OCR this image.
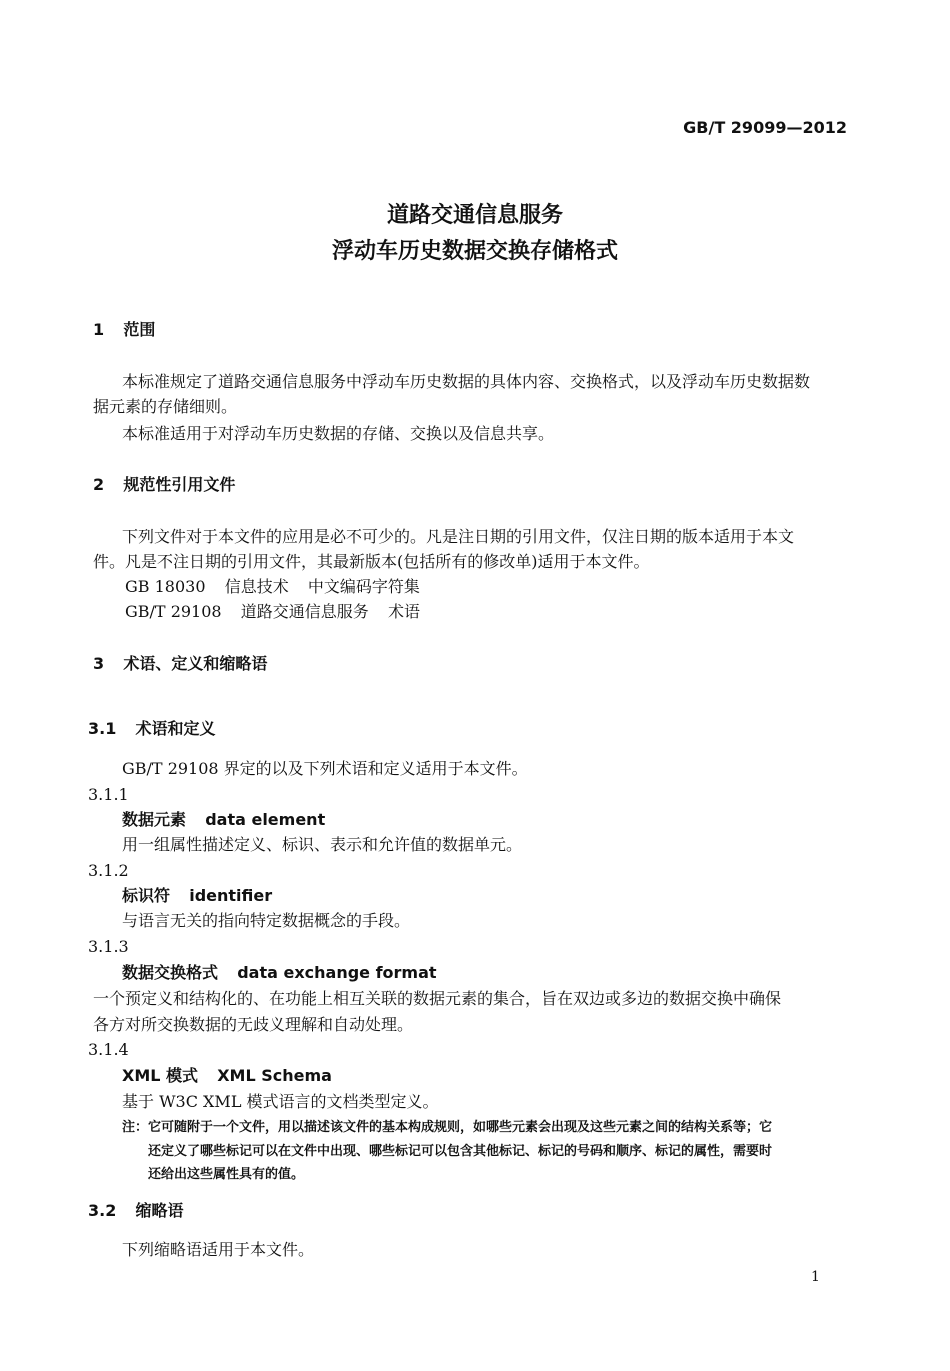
GB/T 29099—2012
道路交通信息服务
浮动车历史数据交换存储格式
1 范围
本标准规定了道路交通信息服务中浮动车历史数据的具体内容、交换格式，以及浮动车历史数据数
据元素的存储细则。
本标准适用于对浮动车历史数据的存储、交换以及信息共享。
2 规范性引用文件
下列文件对于本文件的应用是必不可少的。凡是注日期的引用文件，仅注日期的版本适用于本文
件。凡是不注日期的引用文件，其最新版本(包括所有的修改单)适用于本文件。
GB 18030 信息技术 中文编码字符集
GB/T 29108 道路交通信息服务 术语
3 术语、定义和缩略语
3.1 术语和定义
GB/T 29108 界定的以及下列术语和定义适用于本文件。
3.1.1
数据元素 data element
用一组属性描述定义、标识、表示和允许值的数据单元。
3.1.2
标识符 identifier
与语言无关的指向特定数据概念的手段。
3.1.3
数据交换格式 data exchange format
一个预定义和结构化的、在功能上相互关联的数据元素的集合，旨在双边或多边的数据交换中确保
各方对所交换数据的无歧义理解和自动处理。
3.1.4
XML 模式 XML Schema
基于 W3C XML 模式语言的文档类型定义。
注：它可随附于一个文件，用以描述该文件的基本构成规则，如哪些元素会出现及这些元素之间的结构关系等；它
还定义了哪些标记可以在文件中出现、哪些标记可以包含其他标记、标记的号码和顺序、标记的属性，需要时
还给出这些属性具有的值。
3.2 缩略语
下列缩略语适用于本文件。
1
